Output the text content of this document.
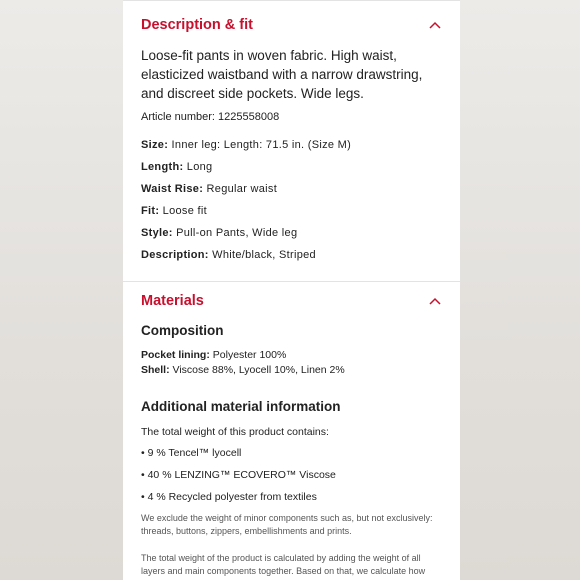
Description & fit
Loose-fit pants in woven fabric. High waist, elasticized waistband with a narrow drawstring, and discreet side pockets. Wide legs.
Article number: 1225558008
Size: Inner leg: Length: 71.5 in. (Size M)
Length: Long
Waist Rise: Regular waist
Fit: Loose fit
Style: Pull-on Pants, Wide leg
Description: White/black, Striped
Materials
Composition
Pocket lining: Polyester 100%
Shell: Viscose 88%, Lyocell 10%, Linen 2%
Additional material information
The total weight of this product contains:
• 9 % Tencel™ lyocell
• 40 % LENZING™ ECOVERO™ Viscose
• 4 % Recycled polyester from textiles
We exclude the weight of minor components such as, but not exclusively:
threads, buttons, zippers, embellishments and prints.
The total weight of the product is calculated by adding the weight of all
layers and main components together. Based on that, we calculate how
